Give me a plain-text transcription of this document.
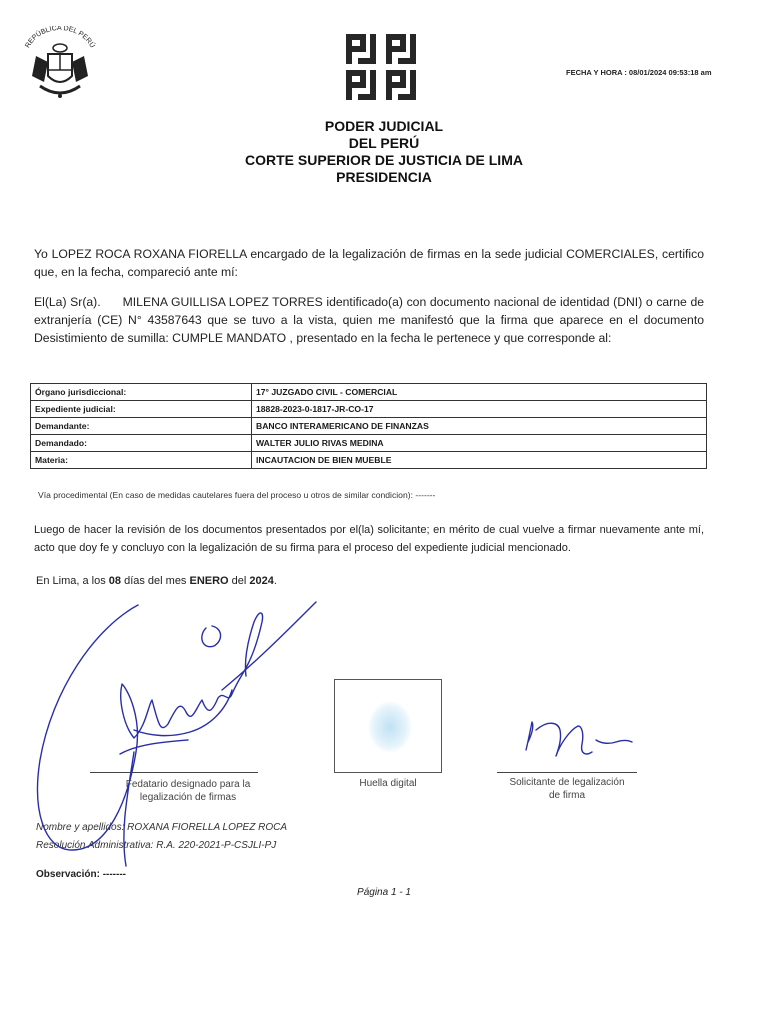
REPÚBLICA DEL PERÚ
FECHA Y HORA : 08/01/2024 09:53:18 am
PODER JUDICIAL
DEL PERÚ
CORTE SUPERIOR DE JUSTICIA DE LIMA
PRESIDENCIA
Yo LOPEZ ROCA ROXANA FIORELLA encargado de la legalización de firmas en la sede judicial COMERCIALES, certifico que, en la fecha, compareció ante mí:
El(La) Sr(a). MILENA GUILLISA LOPEZ TORRES identificado(a) con documento nacional de identidad (DNI) o carne de extranjería (CE) N° 43587643 que se tuvo a la vista, quien me manifestó que la firma que aparece en el documento Desistimiento de sumilla: CUMPLE MANDATO , presentado en la fecha le pertenece y que corresponde al:
Órgano jurisdiccional:	17° JUZGADO CIVIL - COMERCIAL
Expediente judicial:	18828-2023-0-1817-JR-CO-17
Demandante:	BANCO INTERAMERICANO DE FINANZAS
Demandado:	WALTER JULIO RIVAS MEDINA
Materia:	INCAUTACION DE BIEN MUEBLE
Vía procedimental (En caso de medidas cautelares fuera del proceso u otros de similar condicion): -------
Luego de hacer la revisión de los documentos presentados por el(la) solicitante; en mérito de cual vuelve a firmar nuevamente ante mí, acto que doy fe y concluyo con la legalización de su firma para el proceso del expediente judicial mencionado.
En Lima, a los 08 días del mes ENERO del 2024.
Fedatario designado para la
legalización de firmas
Huella digital	Solicitante de legalización
de firma
Nombre y apellidos: ROXANA FIORELLA LOPEZ ROCA
Resolución Administrativa: R.A. 220-2021-P-CSJLI-PJ
Observación: -------
Página 1 - 1
